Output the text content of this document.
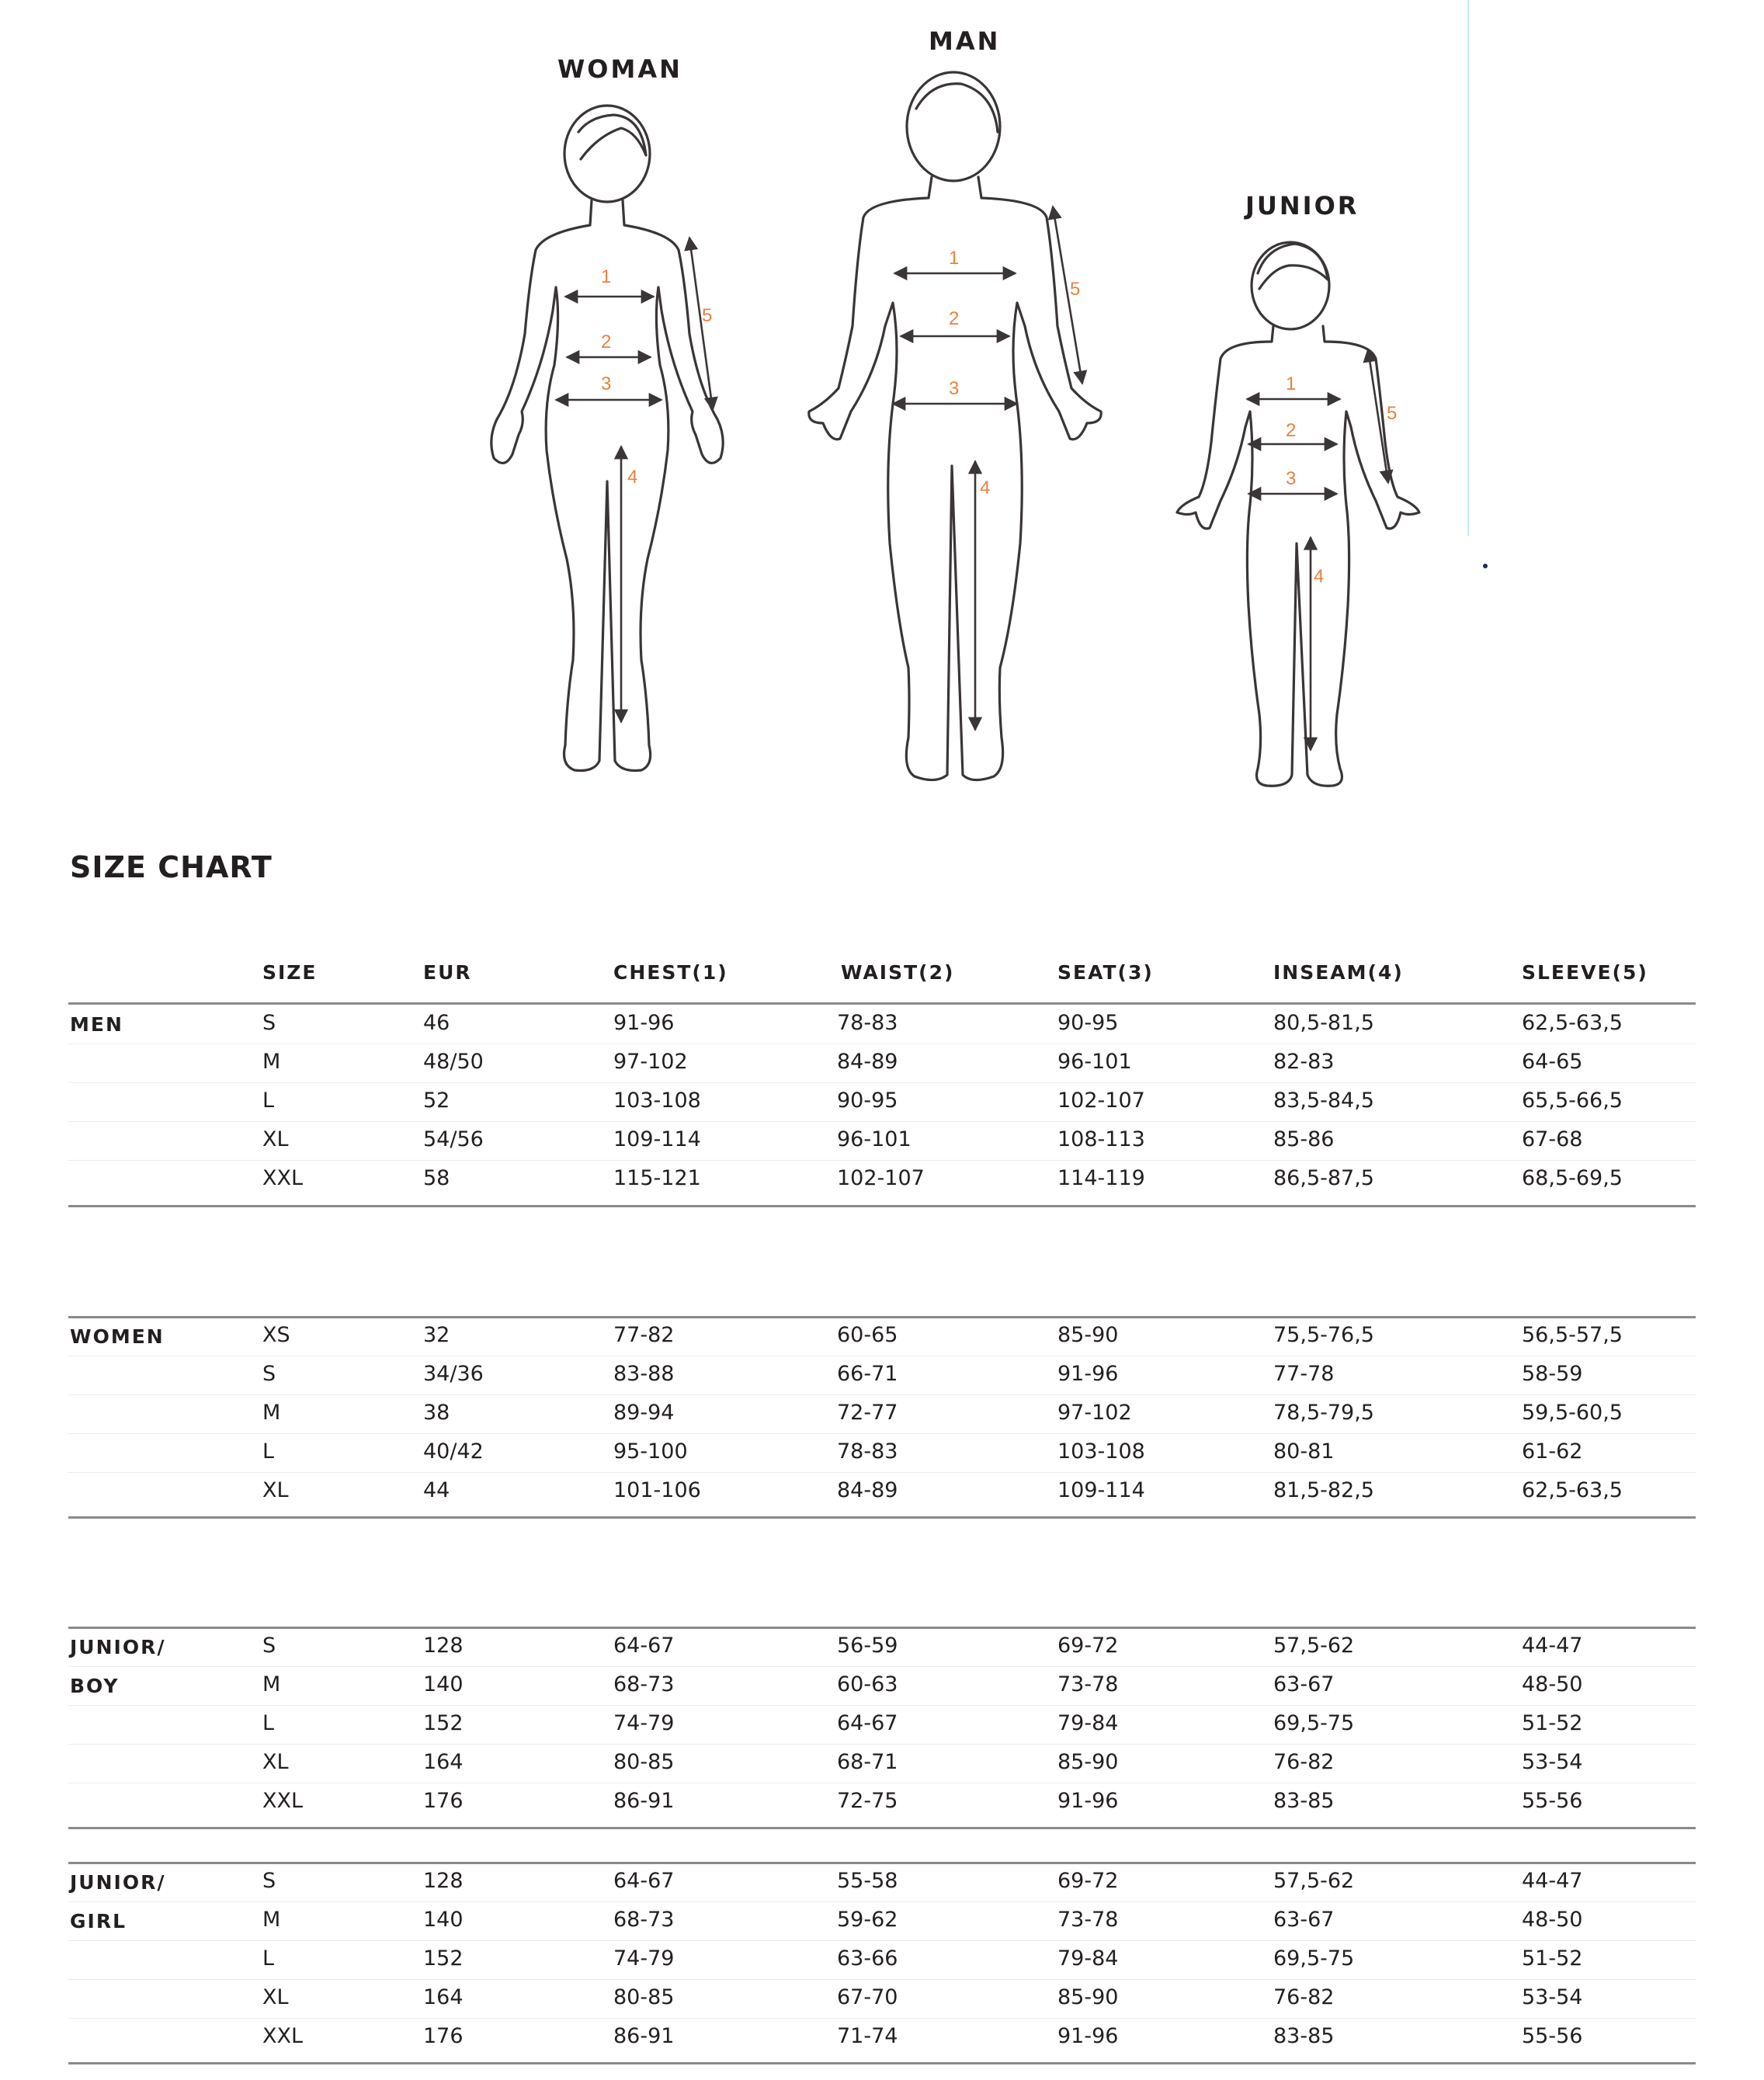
WOMAN
MAN
JUNIOR
1
2
3
4
5
1
2
3
4
5
1
2
3
4
5
SIZE CHART
SIZE	EUR	CHEST(1)	WAIST(2)	SEAT(3)	INSEAM(4)	SLEEVE(5)
MEN	S	46	91-96	78-83	90-95	80,5-81,5	62,5-63,5
M	48/50	97-102	84-89	96-101	82-83	64-65
L	52	103-108	90-95	102-107	83,5-84,5	65,5-66,5
XL	54/56	109-114	96-101	108-113	85-86	67-68
XXL	58	115-121	102-107	114-119	86,5-87,5	68,5-69,5
WOMEN	XS	32	77-82	60-65	85-90	75,5-76,5	56,5-57,5
S	34/36	83-88	66-71	91-96	77-78	58-59
M	38	89-94	72-77	97-102	78,5-79,5	59,5-60,5
L	40/42	95-100	78-83	103-108	80-81	61-62
XL	44	101-106	84-89	109-114	81,5-82,5	62,5-63,5
JUNIOR/
BOY
S	128	64-67	56-59	69-72	57,5-62	44-47
M	140	68-73	60-63	73-78	63-67	48-50
L	152	74-79	64-67	79-84	69,5-75	51-52
XL	164	80-85	68-71	85-90	76-82	53-54
XXL	176	86-91	72-75	91-96	83-85	55-56
JUNIOR/
GIRL
S	128	64-67	55-58	69-72	57,5-62	44-47
M	140	68-73	59-62	73-78	63-67	48-50
L	152	74-79	63-66	79-84	69,5-75	51-52
XL	164	80-85	67-70	85-90	76-82	53-54
XXL	176	86-91	71-74	91-96	83-85	55-56
